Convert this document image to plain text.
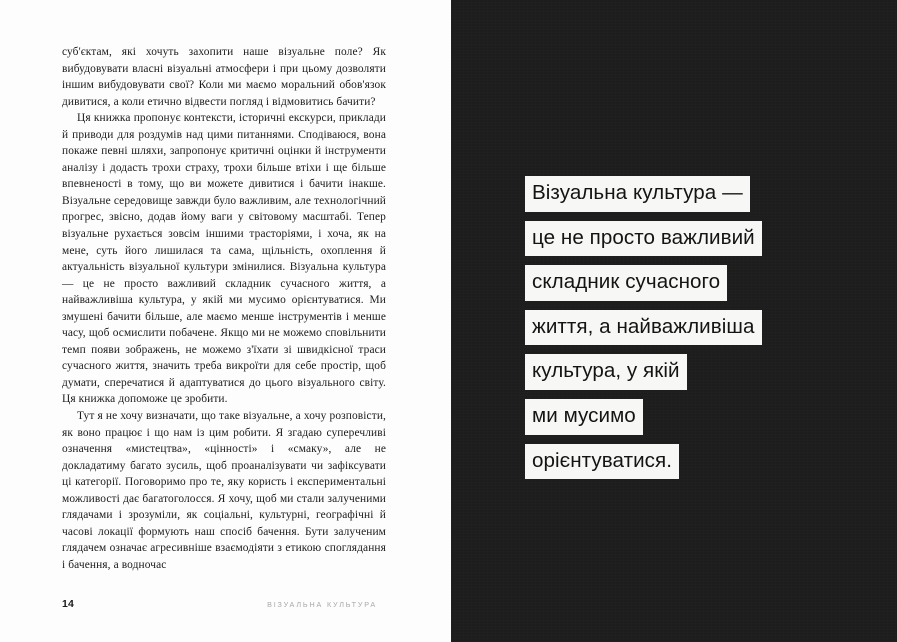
суб'єктам, які хочуть захопити наше візуальне поле? Як вибудовувати власні візуальні атмосфери і при цьому дозволяти іншим вибудовувати свої? Коли ми маємо моральний обов'язок дивитися, а коли етично відвести погляд і відмовитись бачити?

Ця книжка пропонує контексти, історичні екскурси, приклади й приводи для роздумів над цими питаннями. Сподіваюся, вона покаже певні шляхи, запропонує критичні оцінки й інструменти аналізу і додасть трохи страху, трохи більше втіхи і ще більше впевненості в тому, що ви можете дивитися і бачити інакше. Візуальне середовище завжди було важливим, але технологічний прогрес, звісно, додав йому ваги у світовому масштабі. Тепер візуальне рухається зовсім іншими трасторіями, і хоча, як на мене, суть його лишилася та сама, щільність, охоплення й актуальність візуальної культури змінилися. Візуальна культура — це не просто важливий складник сучасного життя, а найважливіша культура, у якій ми мусимо орієнтуватися. Ми змушені бачити більше, але маємо менше інструментів і менше часу, щоб осмислити побачене. Якщо ми не можемо сповільнити темп появи зображень, не можемо з'їхати зі швидкісної траси сучасного життя, значить треба викроїти для себе простір, щоб думати, сперечатися й адаптуватися до цього візуального світу. Ця книжка допоможе це зробити.

Тут я не хочу визначати, що таке візуальне, а хочу розповісти, як воно працює і що нам із цим робити. Я згадаю суперечливі означення «мистецтва», «цінності» і «смаку», але не докладатиму багато зусиль, щоб проаналізувати чи зафіксувати ці категорії. Поговоримо про те, яку користь і експериментальні можливості дає багатоголосся. Я хочу, щоб ми стали залученими глядачами і зрозуміли, як соціальні, культурні, географічні й часові локації формують наш спосіб бачення. Бути залученим глядачем означає агресивніше взаємодіяти з етикою споглядання і бачення, а водночас

14	ВІЗУАЛЬНА КУЛЬТУРА
Візуальна культура —
це не просто важливий
складник сучасного
життя, а найважливіша
культура, у якій
ми мусимо
орієнтуватися.
